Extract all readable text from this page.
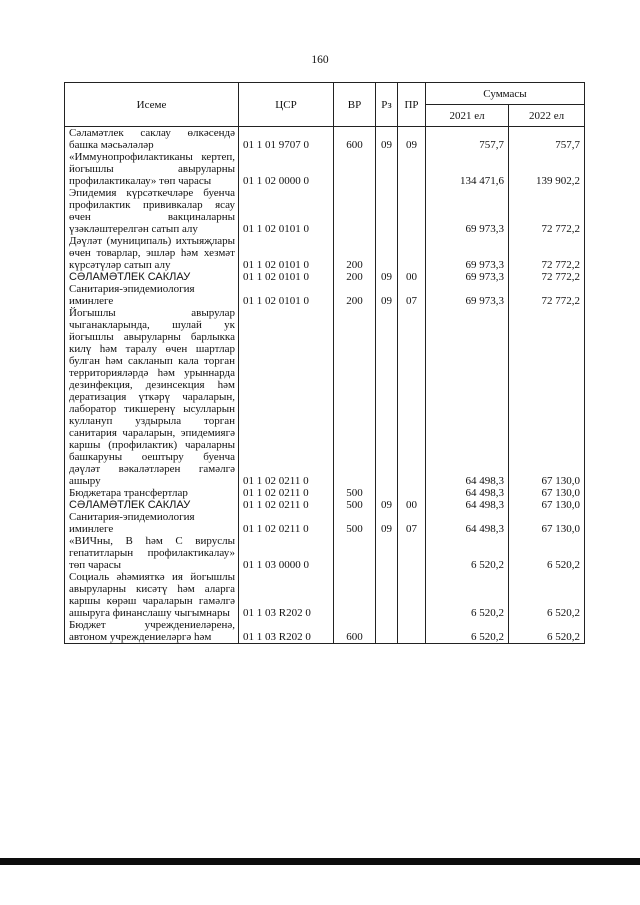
160
Исеме	ЦСР	ВР	Рз	ПР	Суммасы	
					2021 ел	2022 ел
Сәламәтлек саклау өлкәсендә башка мәсьәләләр	01 1 01 9707 0	600	09	09	757,7	757,7
«Иммунопрофилактиканы кертеп, йогышлы авыруларны профилактикалау» төп чарасы	01 1 02 0000 0				134 471,6	139 902,2
Эпидемия күрсәткечләре буенча профилактик прививкалар ясау өчен вакциналарны үзәкләштерелгән сатып алу	01 1 02 0101 0				69 973,3	72 772,2
Дәүләт (муниципаль) ихтыяҗлары өчен товарлар, эшләр һәм хезмәт күрсәтүләр сатып алу	01 1 02 0101 0	200			69 973,3	72 772,2
СӘЛАМӘТЛЕК САКЛАУ	01 1 02 0101 0	200	09	00	69 973,3	72 772,2
Санитария-эпидемиология иминлеге	01 1 02 0101 0	200	09	07	69 973,3	72 772,2
Йогышлы авырулар чыганакларында, шулай ук йогышлы авыруларны барлыкка килү һәм таралу өчен шартлар булган һәм сакланып кала торган территорияләрдә һәм урыннарда дезинфекция, дезинсекция һәм дератизация үткәрү чараларын, лаборатор тикшеренү ысулларын куллануп уздырыла торган санитария чараларын, эпидемиягә каршы (профилактик) чараларны башкаруны оештыру буенча дәүләт вәкаләтләрен гамәлгә ашыру	01 1 02 0211 0				64 498,3	67 130,0
Бюджетара трансфертлар	01 1 02 0211 0	500			64 498,3	67 130,0
СӘЛАМӘТЛЕК САКЛАУ	01 1 02 0211 0	500	09	00	64 498,3	67 130,0
Санитария-эпидемиология иминлеге	01 1 02 0211 0	500	09	07	64 498,3	67 130,0
«ВИЧны, В һәм С вируслы гепатитларын профилактикалау» төп чарасы	01 1 03 0000 0				6 520,2	6 520,2
Социаль әһәмияткә ия йогышлы авыруларны кисәтү һәм аларга каршы көрәш чараларын гамәлгә ашыруга финанслашу чыгымнары	01 1 03 R202 0				6 520,2	6 520,2
Бюджет учреждениеләренә, автоном учреждениеләргә һәм	01 1 03 R202 0	600			6 520,2	6 520,2
